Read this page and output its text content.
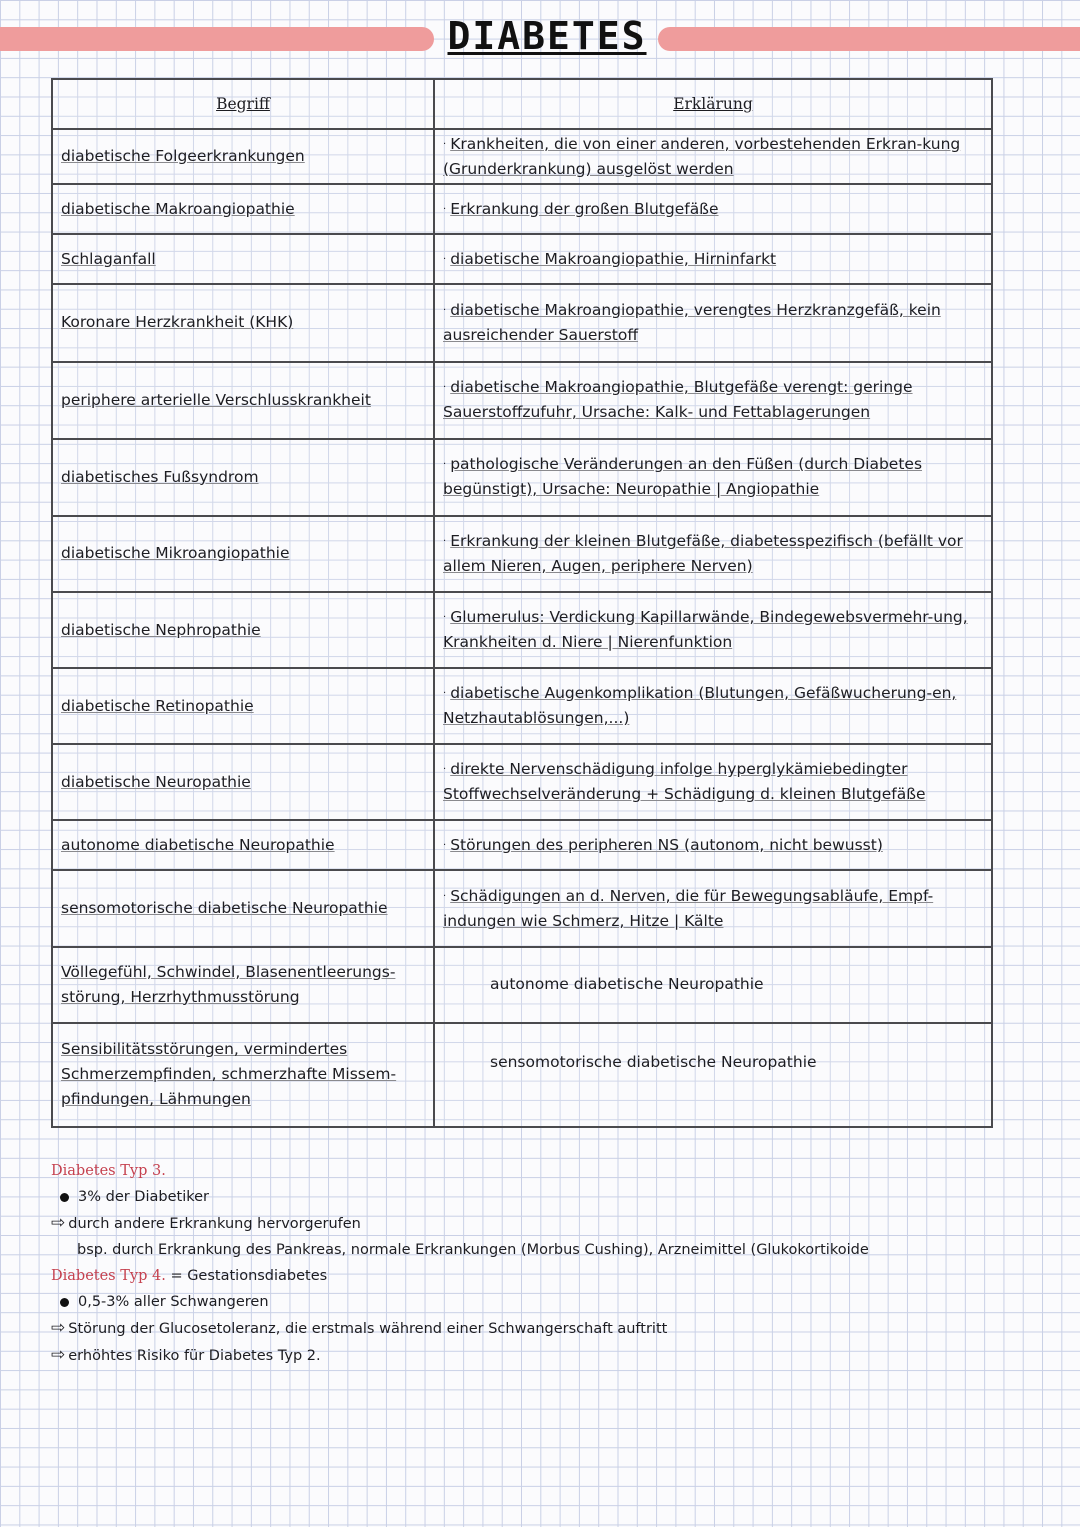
DIABETES
Begriff	Erklärung
diabetische Folgeerkrankungen	· Krankheiten, die von einer anderen, vorbestehenden Erkran-kung (Grunderkrankung) ausgelöst werden
diabetische Makroangiopathie	· Erkrankung der großen Blutgefäße
Schlaganfall	· diabetische Makroangiopathie, Hirninfarkt
Koronare Herzkrankheit (KHK)	· diabetische Makroangiopathie, verengtes Herzkranzgefäß, kein ausreichender Sauerstoff
periphere arterielle Verschlusskrankheit	· diabetische Makroangiopathie, Blutgefäße verengt: geringe Sauerstoffzufuhr, Ursache: Kalk- und Fettablagerungen
diabetisches Fußsyndrom	· pathologische Veränderungen an den Füßen (durch Diabetes begünstigt), Ursache: Neuropathie | Angiopathie
diabetische Mikroangiopathie	· Erkrankung der kleinen Blutgefäße, diabetesspezifisch (befällt vor allem Nieren, Augen, periphere Nerven)
diabetische Nephropathie	· Glumerulus: Verdickung Kapillarwände, Bindegewebsvermehr-ung, Krankheiten d. Niere | Nierenfunktion
diabetische Retinopathie	· diabetische Augenkomplikation (Blutungen, Gefäßwucherung-en, Netzhautablösungen,...)
diabetische Neuropathie	· direkte Nervenschädigung infolge hyperglykämiebedingter Stoffwechselveränderung + Schädigung d. kleinen Blutgefäße
autonome diabetische Neuropathie	· Störungen des peripheren NS (autonom, nicht bewusst)
sensomotorische diabetische Neuropathie	· Schädigungen an d. Nerven, die für Bewegungsabläufe, Empf-indungen wie Schmerz, Hitze | Kälte
Völlegefühl, Schwindel, Blasenentleerungs-störung, Herzrhythmusstörung	autonome diabetische Neuropathie
Sensibilitätsstörungen, vermindertes Schmerzempfinden, schmerzhafte Missem-pfindungen, Lähmungen	sensomotorische diabetische Neuropathie
Diabetes Typ 3.
3% der Diabetiker
⇨ durch andere Erkrankung hervorgerufen
bsp. durch Erkrankung des Pankreas, normale Erkrankungen (Morbus Cushing), Arzneimittel (Glukokortikoide
Diabetes Typ 4. = Gestationsdiabetes
0,5-3% aller Schwangeren
⇨ Störung der Glucosetoleranz, die erstmals während einer Schwangerschaft auftritt
⇨ erhöhtes Risiko für Diabetes Typ 2.
